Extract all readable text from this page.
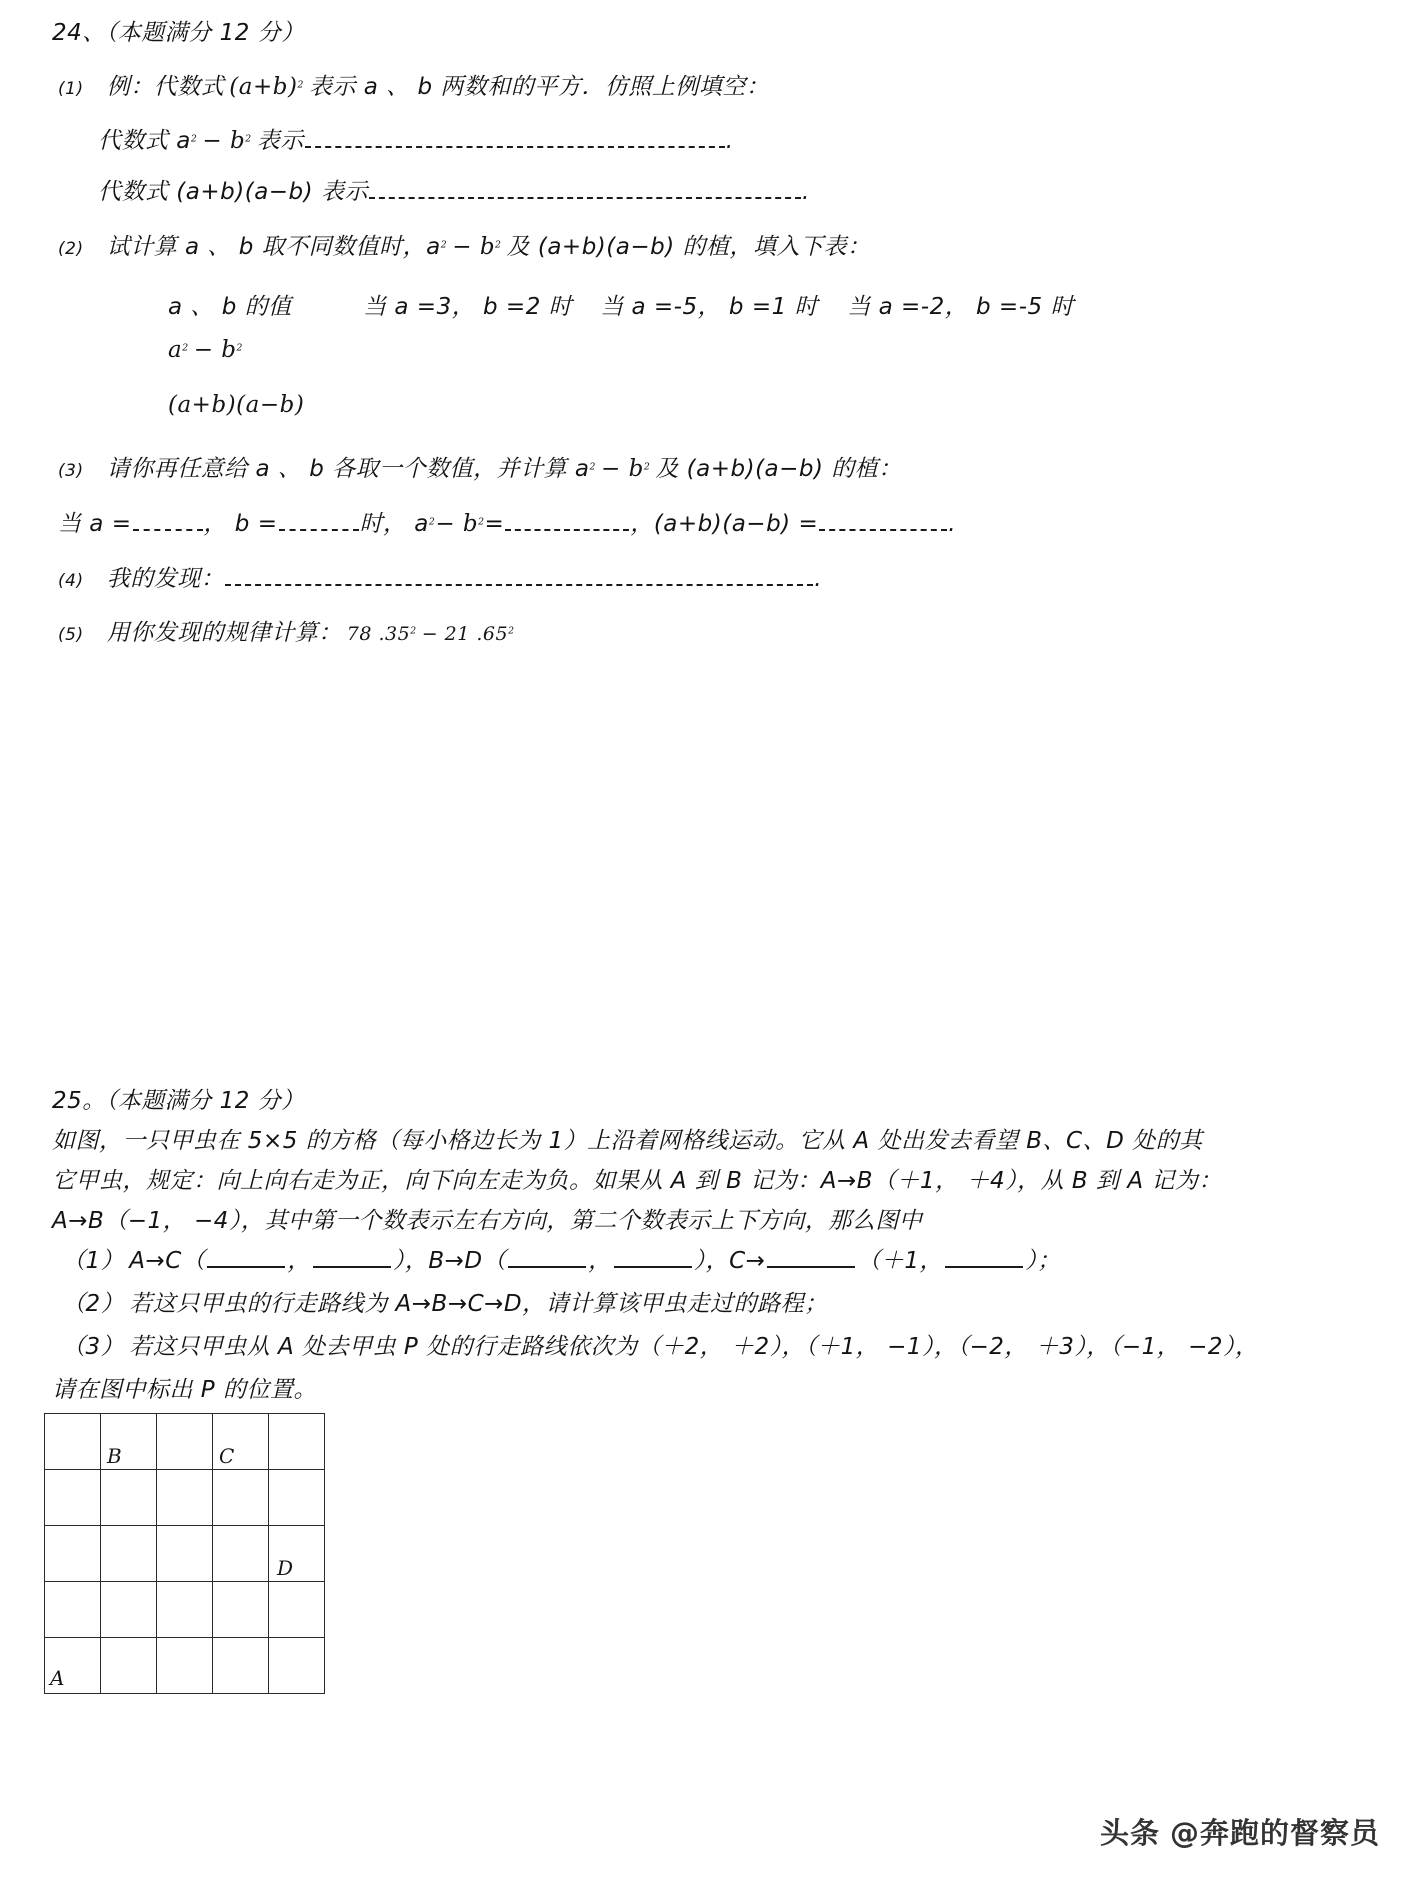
24、（本题满分 12 分）
(1) 例：代数式 $(a+b)^2$ 表示 a 、 b 两数和的平方．仿照上例填空：
代数式 $a^2 - b^2$ 表示	.
代数式 (a+b)(a−b) 表示	.
(2) 试计算 a 、 b 取不同数值时，$a^2 - b^2$ 及 (a+b)(a−b) 的植，填入下表：
a 、 b 的值	当 a =3， b =2 时 当 a =-5， b =1 时 当 a =-2， b =-5 时
$a^2 - b^2$
(a+b)(a−b)
(3) 请你再任意给 a 、 b 各取一个数值，并计算 $a^2 - b^2$ 及 (a+b)(a−b) 的植：
当 a =	， b =	时， $a^2- b^2=$	，(a+b)(a−b) =	.
(4) 我的发现：	.
(5) 用你发现的规律计算： 78 $.35^2 - 21$ $.65^2$
25。（本题满分 12 分）
如图，一只甲虫在 5×5 的方格（每小格边长为 1）上沿着网格线运动。它从 A 处出发去看望 B、C、D 处的其
它甲虫，规定：向上向右走为正，向下向左走为负。如果从 A 到 B 记为：A→B（＋1， ＋4），从 B 到 A 记为：
A→B（−1， −4），其中第一个数表示左右方向，第二个数表示上下方向，那么图中
（1） A→C（	，	），B→D（	，	），C→	（＋1，	）；
（2） 若这只甲虫的行走路线为 A→B→C→D，请计算该甲虫走过的路程；
（3） 若这只甲虫从 A 处去甲虫 P 处的行走路线依次为（＋2， ＋2），（＋1， −1），（−2， ＋3），（−1， −2），
请在图中标出 P 的位置。

	B		C	

				D

A				

头条 @奔跑的督察员
